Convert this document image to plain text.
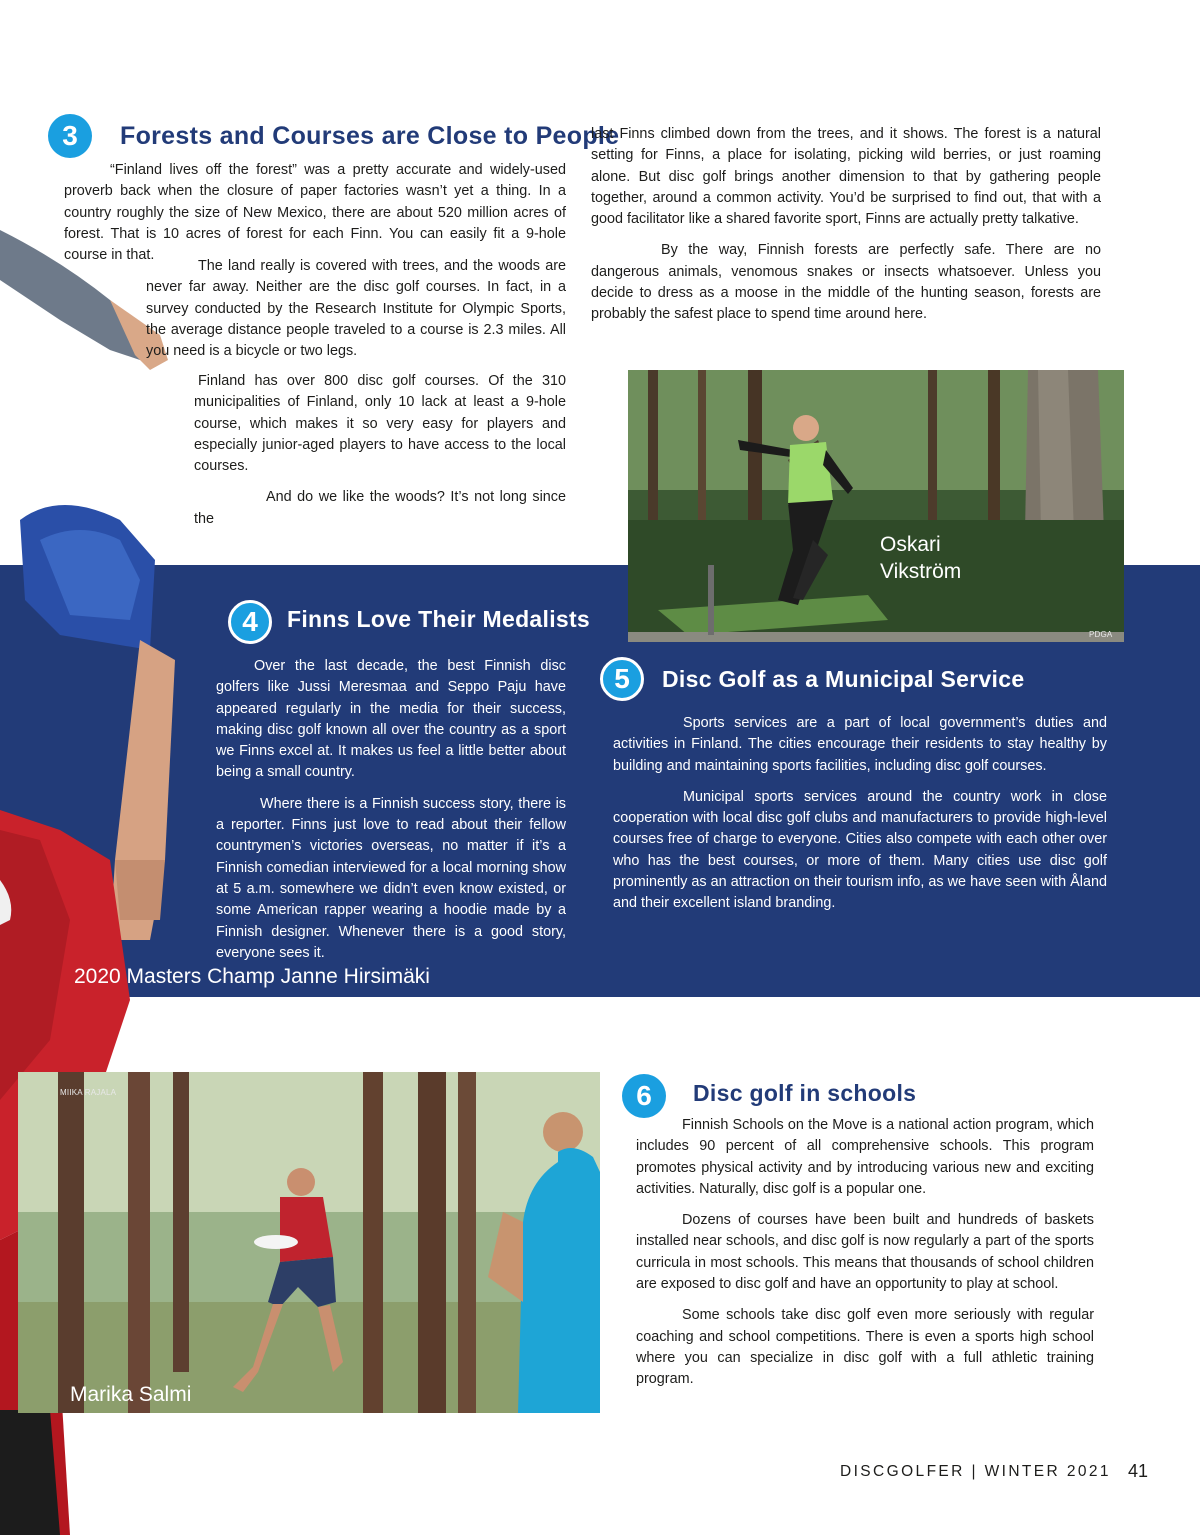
3	Forests and Courses are Close to People

“Finland lives off the forest” was a pretty accurate and widely-used proverb back when the closure of paper factories wasn’t yet a thing. In a country roughly the size of New Mexico, there are about 520 million acres of forest. That is 10 acres of forest for each Finn. You can easily fit a 9-hole course in that.

The land really is covered with trees, and the woods are never far away. Neither are the disc golf courses. In fact, in a survey conducted by the Research Institute for Olympic Sports, the average distance people traveled to a course is 2.3 miles. All you need is a bicycle or two legs.

Finland has over 800 disc golf courses. Of the 310 municipalities of Finland, only 10 lack at least a 9-hole course, which makes it so very easy for players and especially junior-aged players to have access to the local courses.

And do we like the woods? It’s not long since the

last Finns climbed down from the trees, and it shows. The forest is a natural setting for Finns, a place for isolating, picking wild berries, or just roaming alone. But disc golf brings another dimension to that by gathering people together, around a common activity. You’d be surprised to find out, that with a good facilitator like a shared favorite sport, Finns are actually pretty talkative.

By the way, Finnish forests are perfectly safe. There are no dangerous animals, venomous snakes or insects whatsoever. Unless you decide to dress as a moose in the middle of the hunting season, forests are probably the safest place to spend time around here.

Oskari
Vikström
PDGA
4	Finns Love Their Medalists

Over the last decade, the best Finnish disc golfers like Jussi Meresmaa and Seppo Paju have appeared regularly in the media for their success, making disc golf known all over the country as a sport we Finns excel at. It makes us feel a little better about being a small country.

Where there is a Finnish success story, there is a reporter. Finns just love to read about their fellow countrymen’s victories overseas, no matter if it’s a Finnish comedian interviewed for a local morning show at 5 a.m. somewhere we didn’t even know existed, or some American rapper wearing a hoodie made by a Finnish designer. Whenever there is a good story, everyone sees it.

2020 Masters Champ Janne Hirsimäki
5	Disc Golf as a Municipal Service

Sports services are a part of local government’s duties and activities in Finland. The cities encourage their residents to stay healthy by building and maintaining sports facilities, including disc golf courses.

Municipal sports services around the country work in close cooperation with local disc golf clubs and manufacturers to provide high-level courses free of charge to everyone. Cities also compete with each other over who has the best courses, or more of them. Many cities use disc golf prominently as an attraction on their tourism info, as we have seen with Åland and their excellent island branding.

Marika Salmi
MIIKA RAJALA	6	Disc golf in schools

Finnish Schools on the Move is a national action program, which includes 90 percent of all comprehensive schools. This program promotes physical activity and by introducing various new and exciting activities. Naturally, disc golf is a popular one.

Dozens of courses have been built and hundreds of baskets installed near schools, and disc golf is now regularly a part of the sports curricula in most schools. This means that thousands of school children are exposed to disc golf and have an opportunity to play at school.

Some schools take disc golf even more seriously with regular coaching and school competitions. There is even a sports high school where you can specialize in disc golf with a full athletic training program.

DISCGOLFER | WINTER 2021 41
